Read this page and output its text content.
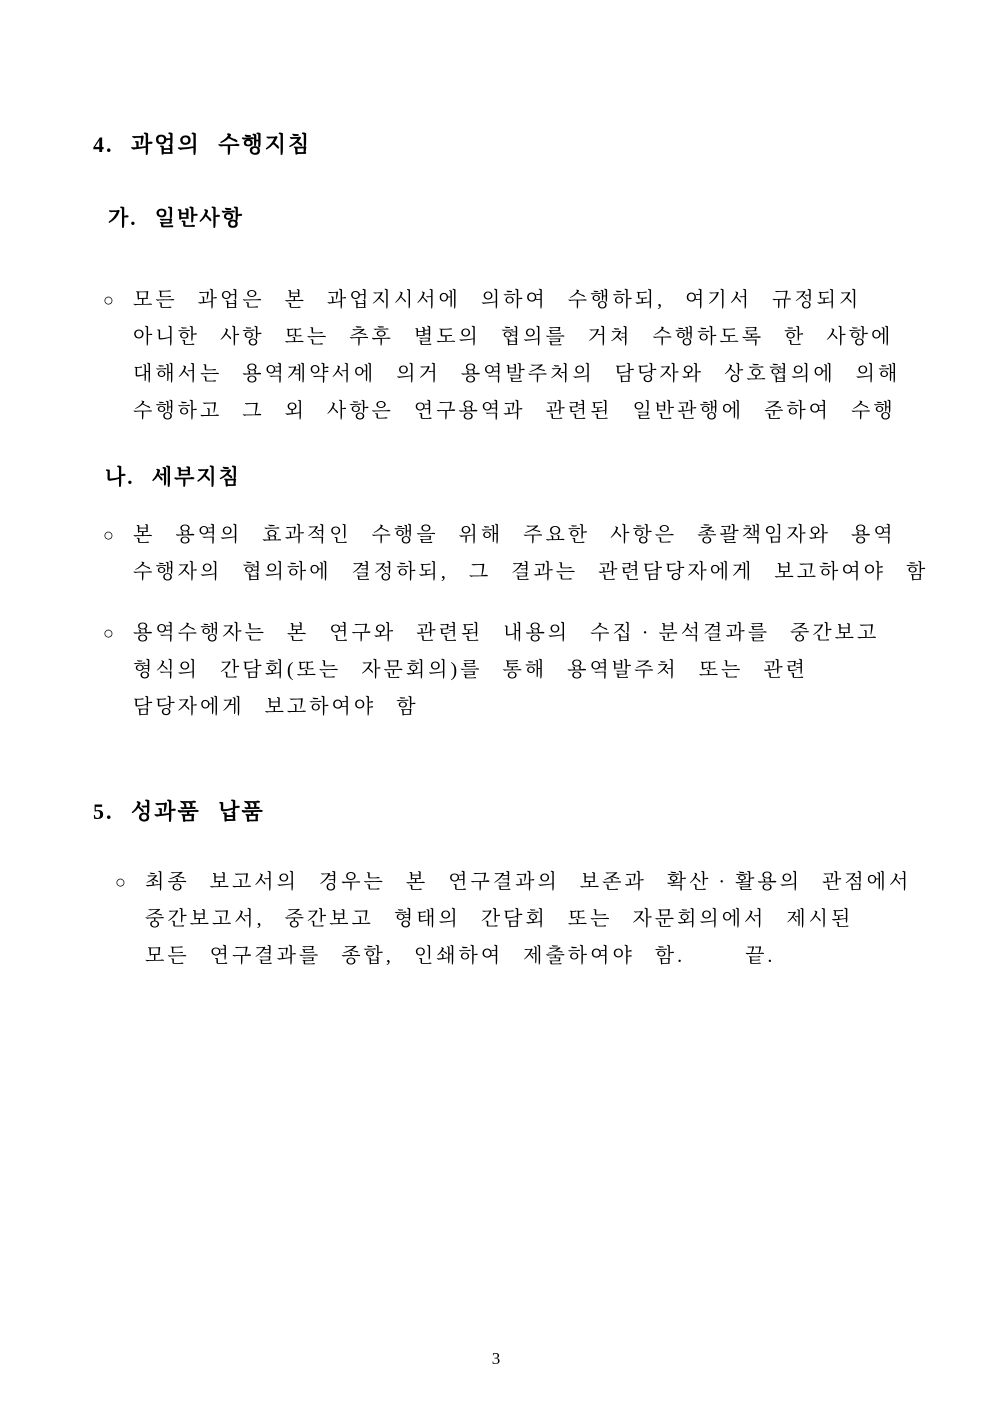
4. 과업의 수행지침
가. 일반사항
○ 모든 과업은 본 과업지시서에 의하여 수행하되, 여기서 규정되지
아니한 사항 또는 추후 별도의 협의를 거쳐 수행하도록 한 사항에
대해서는 용역계약서에 의거 용역발주처의 담당자와 상호협의에 의해
수행하고 그 외 사항은 연구용역과 관련된 일반관행에 준하여 수행
나. 세부지침
○ 본 용역의 효과적인 수행을 위해 주요한 사항은 총괄책임자와 용역
수행자의 협의하에 결정하되, 그 결과는 관련담당자에게 보고하여야 함
○ 용역수행자는 본 연구와 관련된 내용의 수집 · 분석결과를 중간보고
형식의 간담회(또는 자문회의)를 통해 용역발주처 또는 관련
담당자에게 보고하여야 함
5. 성과품 납품
○ 최종 보고서의 경우는 본 연구결과의 보존과 확산 · 활용의 관점에서
중간보고서, 중간보고 형태의 간담회 또는 자문회의에서 제시된
모든 연구결과를 종합, 인쇄하여 제출하여야 함.   끝.
3
